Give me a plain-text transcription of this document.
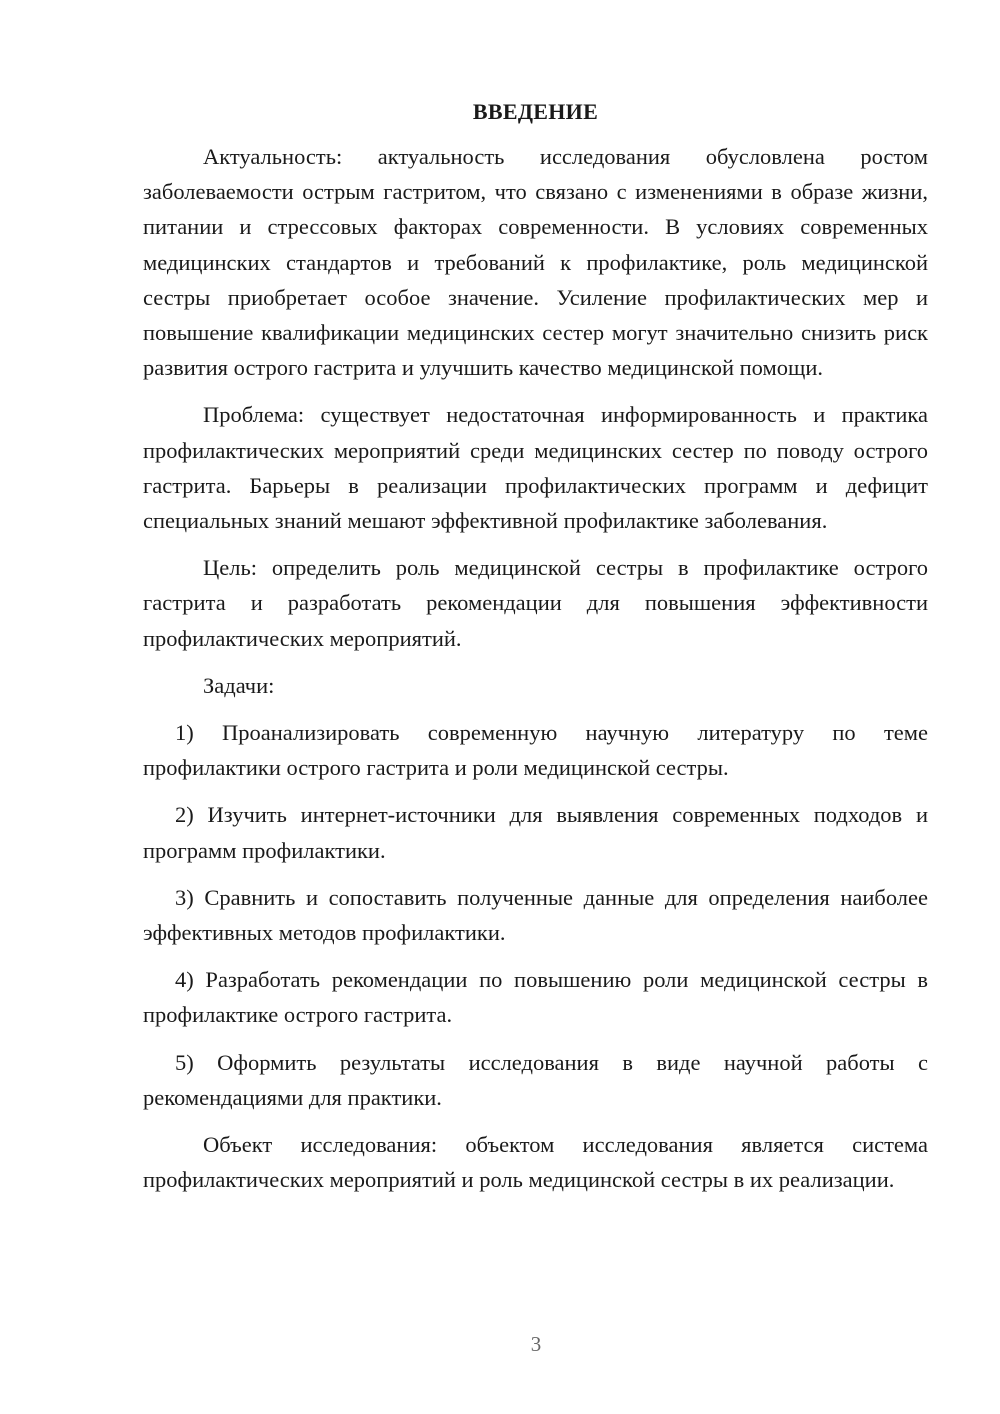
ВВЕДЕНИЕ

Актуальность: актуальность исследования обусловлена ростом заболеваемости острым гастритом, что связано с изменениями в образе жизни, питании и стрессовых факторах современности. В условиях современных медицинских стандартов и требований к профилактике, роль медицинской сестры приобретает особое значение. Усиление профилактических мер и повышение квалификации медицинских сестер могут значительно снизить риск развития острого гастрита и улучшить качество медицинской помощи.

Проблема: существует недостаточная информированность и практика профилактических мероприятий среди медицинских сестер по поводу острого гастрита. Барьеры в реализации профилактических программ и дефицит специальных знаний мешают эффективной профилактике заболевания.

Цель: определить роль медицинской сестры в профилактике острого гастрита и разработать рекомендации для повышения эффективности профилактических мероприятий.

Задачи:

1) Проанализировать современную научную литературу по теме профилактики острого гастрита и роли медицинской сестры.
2) Изучить интернет-источники для выявления современных подходов и программ профилактики.
3) Сравнить и сопоставить полученные данные для определения наиболее эффективных методов профилактики.
4) Разработать рекомендации по повышению роли медицинской сестры в профилактике острого гастрита.
5) Оформить результаты исследования в виде научной работы с рекомендациями для практики.

Объект исследования: объектом исследования является система профилактических мероприятий и роль медицинской сестры в их реализации.

3
